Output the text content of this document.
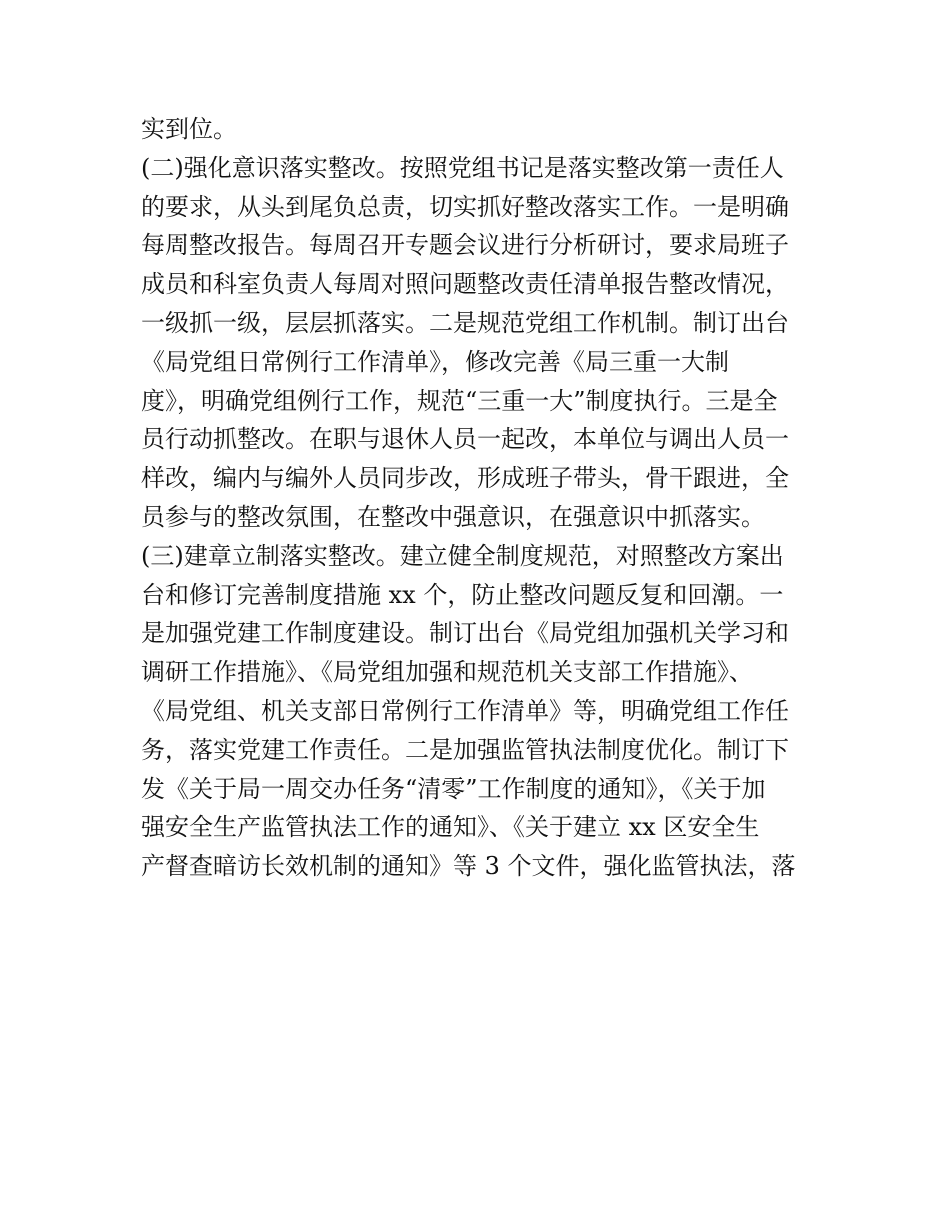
实到位。
(二)强化意识落实整改。按照党组书记是落实整改第一责任人
的要求，从头到尾负总责，切实抓好整改落实工作。一是明确
每周整改报告。每周召开专题会议进行分析研讨，要求局班子
成员和科室负责人每周对照问题整改责任清单报告整改情况，
一级抓一级，层层抓落实。二是规范党组工作机制。制订出台
《局党组日常例行工作清单》，修改完善《局三重一大制
度》，明确党组例行工作，规范“三重一大”制度执行。三是全
员行动抓整改。在职与退休人员一起改，本单位与调出人员一
样改，编内与编外人员同步改，形成班子带头，骨干跟进，全
员参与的整改氛围，在整改中强意识，在强意识中抓落实。
(三)建章立制落实整改。建立健全制度规范，对照整改方案出
台和修订完善制度措施 xx 个，防止整改问题反复和回潮。一
是加强党建工作制度建设。制订出台《局党组加强机关学习和
调研工作措施》、《局党组加强和规范机关支部工作措施》、
《局党组、机关支部日常例行工作清单》等，明确党组工作任
务，落实党建工作责任。二是加强监管执法制度优化。制订下
发《关于局一周交办任务“清零”工作制度的通知》，《关于加
强安全生产监管执法工作的通知》、《关于建立 xx 区安全生
产督查暗访长效机制的通知》等 3 个文件，强化监管执法，落
